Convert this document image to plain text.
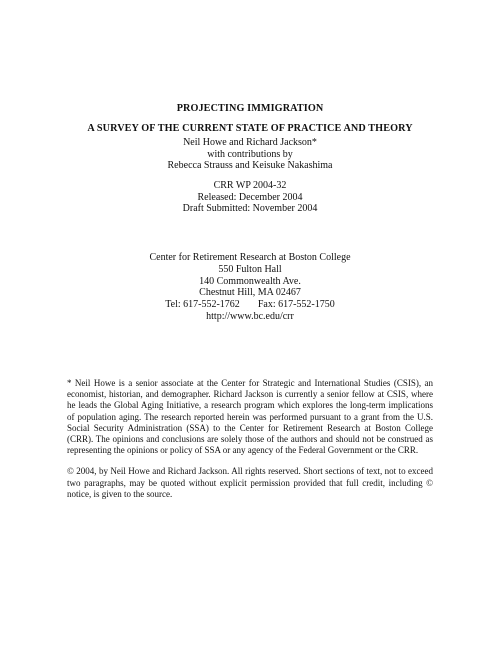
PROJECTING IMMIGRATION
A SURVEY OF THE CURRENT STATE OF PRACTICE AND THEORY
Neil Howe and Richard Jackson*
with contributions by
Rebecca Strauss and Keisuke Nakashima
CRR WP 2004-32
Released: December 2004
Draft Submitted: November 2004
Center for Retirement Research at Boston College
550 Fulton Hall
140 Commonwealth Ave.
Chestnut Hill, MA 02467
Tel: 617-552-1762 Fax: 617-552-1750
http://www.bc.edu/crr

* Neil Howe is a senior associate at the Center for Strategic and International Studies (CSIS), an economist, historian, and demographer. Richard Jackson is currently a senior fellow at CSIS, where he leads the Global Aging Initiative, a research program which explores the long-term implications of population aging. The research reported herein was performed pursuant to a grant from the U.S. Social Security Administration (SSA) to the Center for Retirement Research at Boston College (CRR). The opinions and conclusions are solely those of the authors and should not be construed as representing the opinions or policy of SSA or any agency of the Federal Government or the CRR.

© 2004, by Neil Howe and Richard Jackson. All rights reserved. Short sections of text, not to exceed two paragraphs, may be quoted without explicit permission provided that full credit, including © notice, is given to the source.
